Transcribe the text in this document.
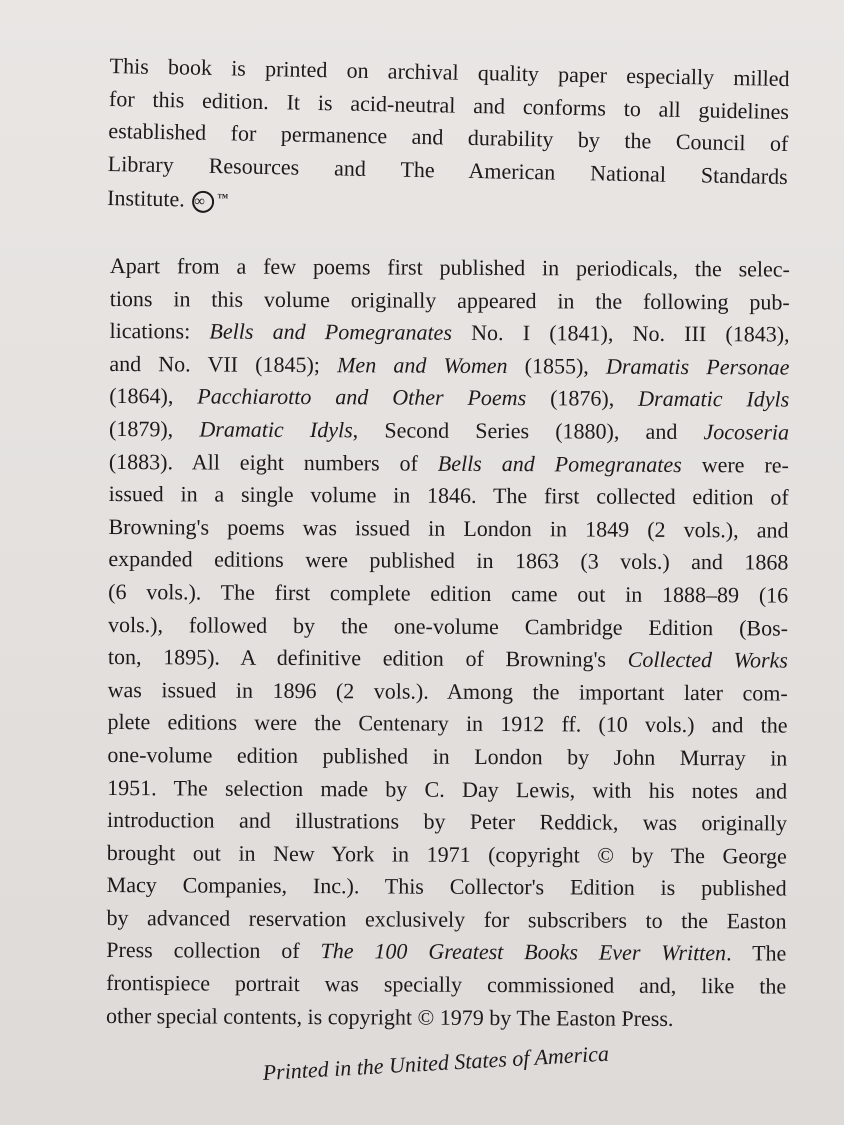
This book is printed on archival quality paper especially milled
for this edition. It is acid-neutral and conforms to all guidelines
established for permanence and durability by the Council of
Library Resources and The American National Standards
Institute. ∞ ™

Apart from a few poems first published in periodicals, the selec-
tions in this volume originally appeared in the following pub-
lications: Bells and Pomegranates No. I (1841), No. III (1843),
and No. VII (1845); Men and Women (1855), Dramatis Personae
(1864), Pacchiarotto and Other Poems (1876), Dramatic Idyls
(1879), Dramatic Idyls, Second Series (1880), and Jocoseria
(1883). All eight numbers of Bells and Pomegranates were re-
issued in a single volume in 1846. The first collected edition of
Browning's poems was issued in London in 1849 (2 vols.), and
expanded editions were published in 1863 (3 vols.) and 1868
(6 vols.). The first complete edition came out in 1888–89 (16
vols.), followed by the one-volume Cambridge Edition (Bos-
ton, 1895). A definitive edition of Browning's Collected Works
was issued in 1896 (2 vols.). Among the important later com-
plete editions were the Centenary in 1912 ff. (10 vols.) and the
one-volume edition published in London by John Murray in
1951. The selection made by C. Day Lewis, with his notes and
introduction and illustrations by Peter Reddick, was originally
brought out in New York in 1971 (copyright © by The George
Macy Companies, Inc.). This Collector's Edition is published
by advanced reservation exclusively for subscribers to the Easton
Press collection of The 100 Greatest Books Ever Written. The
frontispiece portrait was specially commissioned and, like the
other special contents, is copyright © 1979 by The Easton Press.

Printed in the United States of America
